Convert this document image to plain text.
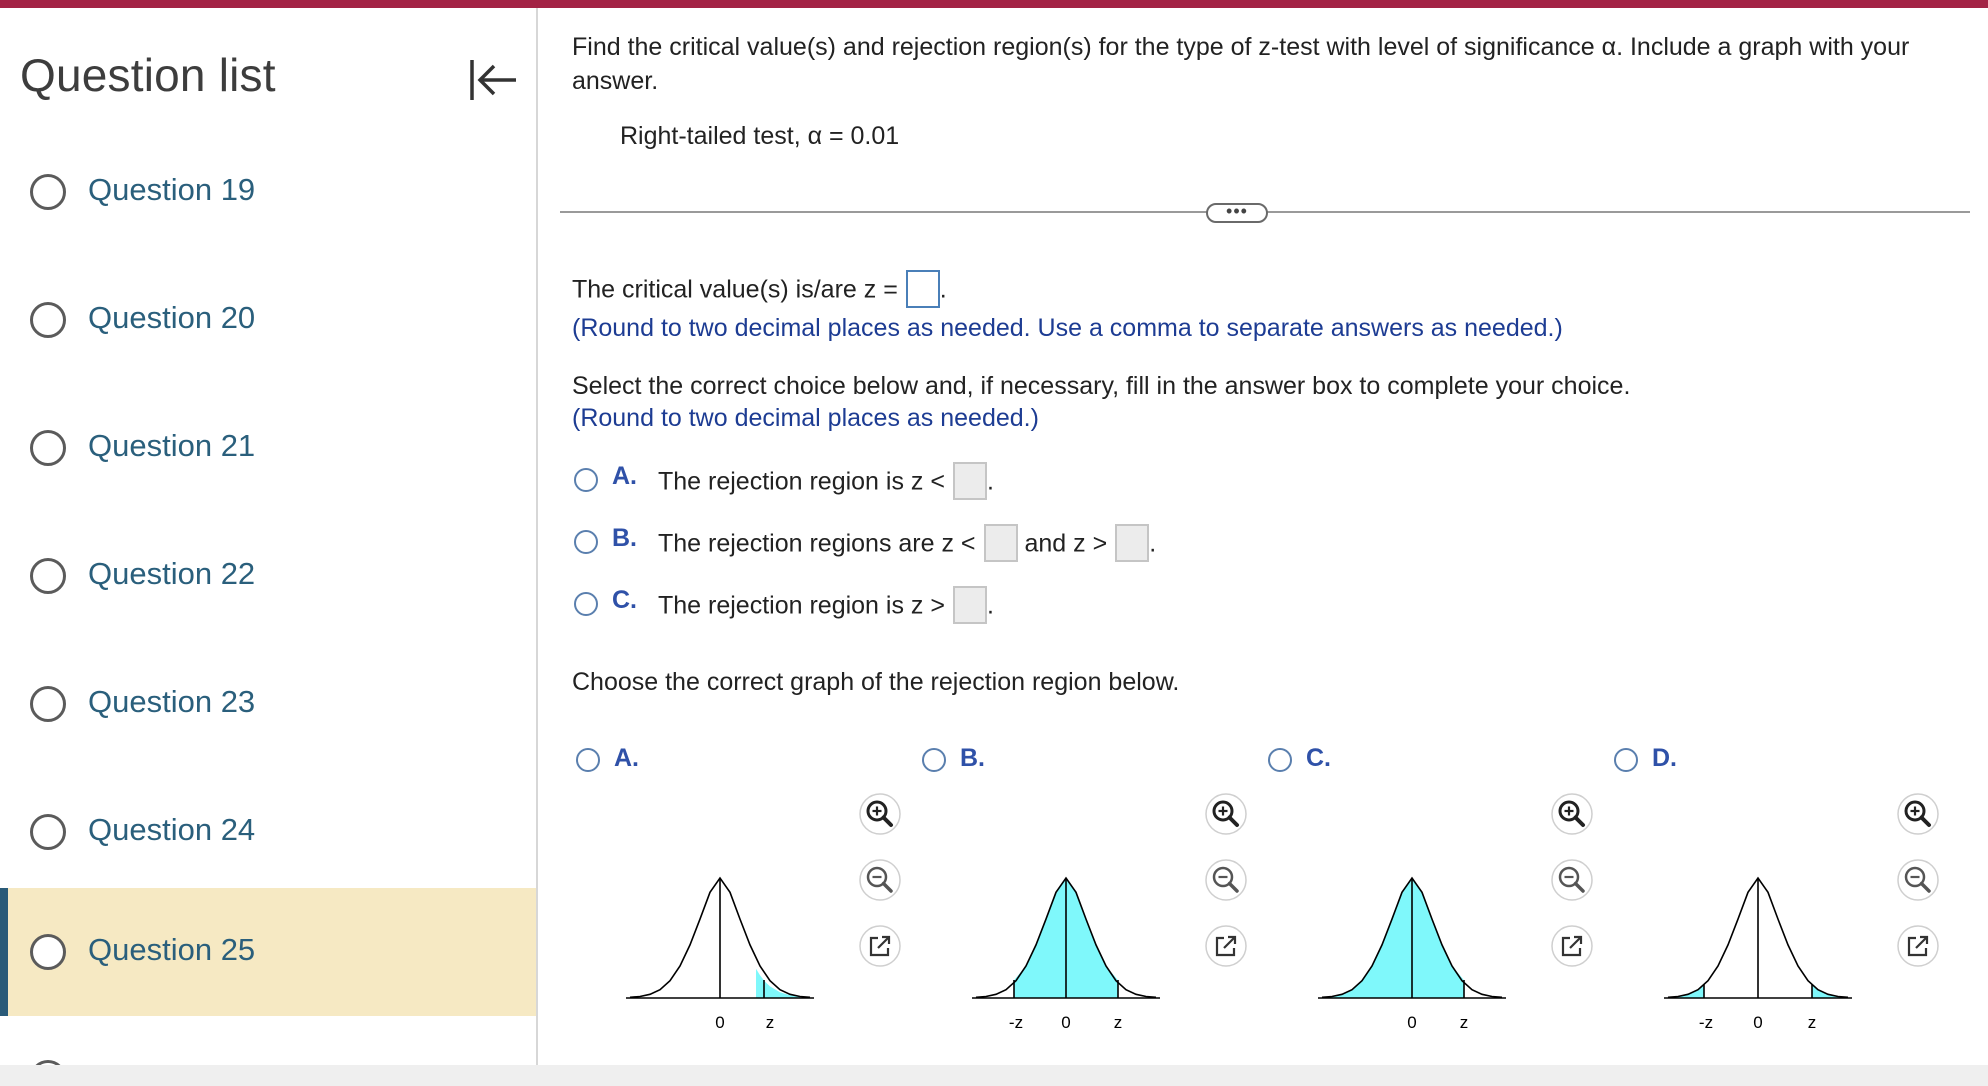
Question list
Question 19
Question 20
Question 21
Question 22
Question 23
Question 24
Question 25
Find the critical value(s) and rejection region(s) for the type of z-test with level of significance α. Include a graph with your answer.
Right-tailed test, α = 0.01
•••
The critical value(s) is/are z = .
(Round to two decimal places as needed. Use a comma to separate answers as needed.)
Select the correct choice below and, if necessary, fill in the answer box to complete your choice.
(Round to two decimal places as needed.)
A. The rejection region is z < .
B. The rejection regions are z < and z > .
C. The rejection region is z > .
Choose the correct graph of the rejection region below.
A.	B.	C.	D.
0 z	-z 0	z	0	z	-z 0	z
